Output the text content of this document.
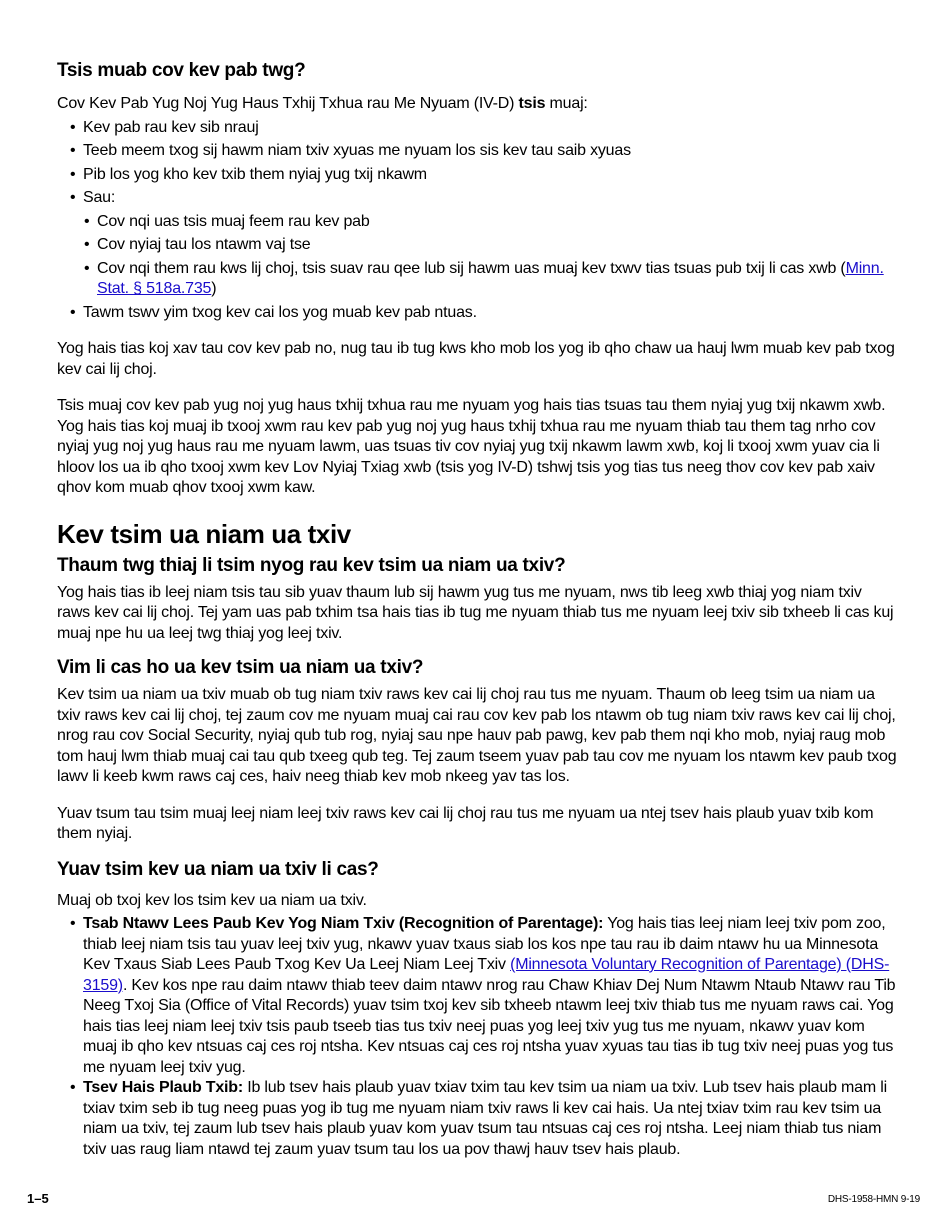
Tsis muab cov kev pab twg?

Cov Kev Pab Yug Noj Yug Haus Txhij Txhua rau Me Nyuam (IV-D) tsis muaj:

• Kev pab rau kev sib nrauj
• Teeb meem txog sij hawm niam txiv xyuas me nyuam los sis kev tau saib xyuas
• Pib los yog kho kev txib them nyiaj yug txij nkawm
• Sau:
• Cov nqi uas tsis muaj feem rau kev pab
• Cov nyiaj tau los ntawm vaj tse
• Cov nqi them rau kws lij choj, tsis suav rau qee lub sij hawm uas muaj kev txwv tias tsuas pub txij li cas xwb (Minn. Stat. § 518a.735)
• Tawm tswv yim txog kev cai los yog muab kev pab ntuas.

Yog hais tias koj xav tau cov kev pab no, nug tau ib tug kws kho mob los yog ib qho chaw ua hauj lwm muab kev pab txog kev cai lij choj.

Tsis muaj cov kev pab yug noj yug haus txhij txhua rau me nyuam yog hais tias tsuas tau them nyiaj yug txij nkawm xwb. Yog hais tias koj muaj ib txooj xwm rau kev pab yug noj yug haus txhij txhua rau me nyuam thiab tau them tag nrho cov nyiaj yug noj yug haus rau me nyuam lawm, uas tsuas tiv cov nyiaj yug txij nkawm lawm xwb, koj li txooj xwm yuav cia li hloov los ua ib qho txooj xwm kev Lov Nyiaj Txiag xwb (tsis yog IV-D) tshwj tsis yog tias tus neeg thov cov kev pab xaiv qhov kom muab qhov txooj xwm kaw.

Kev tsim ua niam ua txiv
Thaum twg thiaj li tsim nyog rau kev tsim ua niam ua txiv?

Yog hais tias ib leej niam tsis tau sib yuav thaum lub sij hawm yug tus me nyuam, nws tib leeg xwb thiaj yog niam txiv raws kev cai lij choj. Tej yam uas pab txhim tsa hais tias ib tug me nyuam thiab tus me nyuam leej txiv sib txheeb li cas kuj muaj npe hu ua leej twg thiaj yog leej txiv.

Vim li cas ho ua kev tsim ua niam ua txiv?

Kev tsim ua niam ua txiv muab ob tug niam txiv raws kev cai lij choj rau tus me nyuam. Thaum ob leeg tsim ua niam ua txiv raws kev cai lij choj, tej zaum cov me nyuam muaj cai rau cov kev pab los ntawm ob tug niam txiv raws kev cai lij choj, nrog rau cov Social Security, nyiaj qub tub rog, nyiaj sau npe hauv pab pawg, kev pab them nqi kho mob, nyiaj raug mob tom hauj lwm thiab muaj cai tau qub txeeg qub teg. Tej zaum tseem yuav pab tau cov me nyuam los ntawm kev paub txog lawv li keeb kwm raws caj ces, haiv neeg thiab kev mob nkeeg yav tas los.

Yuav tsum tau tsim muaj leej niam leej txiv raws kev cai lij choj rau tus me nyuam ua ntej tsev hais plaub yuav txib kom them nyiaj.

Yuav tsim kev ua niam ua txiv li cas?

Muaj ob txoj kev los tsim kev ua niam ua txiv.

• Tsab Ntawv Lees Paub Kev Yog Niam Txiv (Recognition of Parentage): Yog hais tias leej niam leej txiv pom zoo, thiab leej niam tsis tau yuav leej txiv yug, nkawv yuav txaus siab los kos npe tau rau ib daim ntawv hu ua Minnesota Kev Txaus Siab Lees Paub Txog Kev Ua Leej Niam Leej Txiv (Minnesota Voluntary Recognition of Parentage) (DHS-3159). Kev kos npe rau daim ntawv thiab teev daim ntawv nrog rau Chaw Khiav Dej Num Ntawm Ntaub Ntawv rau Tib Neeg Txoj Sia (Office of Vital Records) yuav tsim txoj kev sib txheeb ntawm leej txiv thiab tus me nyuam raws cai. Yog hais tias leej niam leej txiv tsis paub tseeb tias tus txiv neej puas yog leej txiv yug tus me nyuam, nkawv yuav kom muaj ib qho kev ntsuas caj ces roj ntsha. Kev ntsuas caj ces roj ntsha yuav xyuas tau tias ib tug txiv neej puas yog tus me nyuam leej txiv yug.
• Tsev Hais Plaub Txib: Ib lub tsev hais plaub yuav txiav txim tau kev tsim ua niam ua txiv. Lub tsev hais plaub mam li txiav txim seb ib tug neeg puas yog ib tug me nyuam niam txiv raws li kev cai hais. Ua ntej txiav txim rau kev tsim ua niam ua txiv, tej zaum lub tsev hais plaub yuav kom yuav tsum tau ntsuas caj ces roj ntsha. Leej niam thiab tus niam txiv uas raug liam ntawd tej zaum yuav tsum tau los ua pov thawj hauv tsev hais plaub.
1–5	DHS-1958-HMN 9-19
